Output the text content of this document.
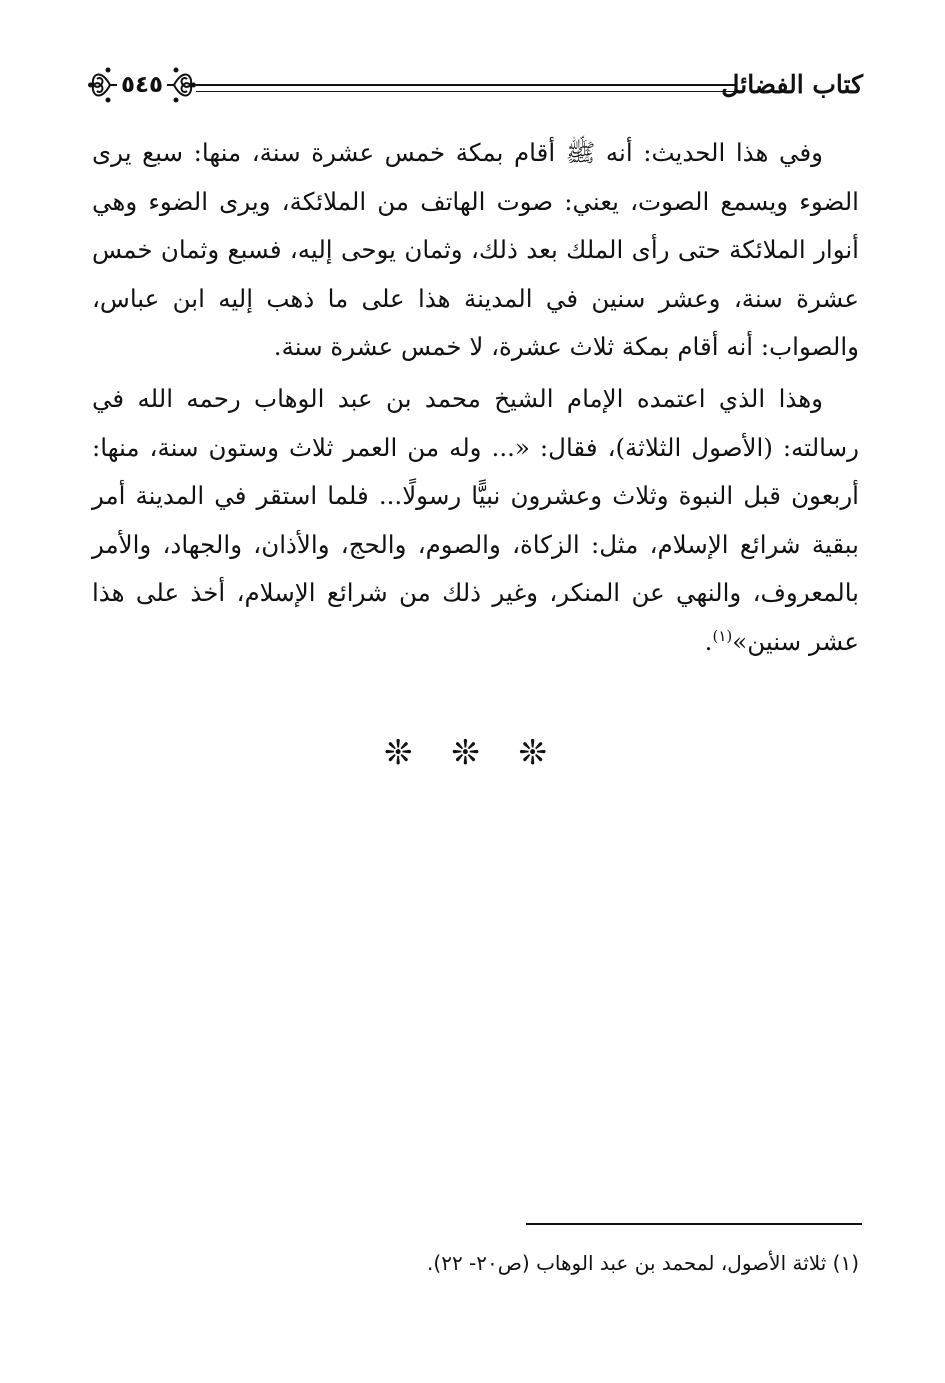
كتاب الفضائل
٥٤٥

وفي هذا الحديث: أنه ﷺ أقام بمكة خمس عشرة سنة، منها: سبع يرى الضوء ويسمع الصوت، يعني: صوت الهاتف من الملائكة، ويرى الضوء وهي أنوار الملائكة حتى رأى الملك بعد ذلك، وثمان يوحى إليه، فسبع وثمان خمس عشرة سنة، وعشر سنين في المدينة هذا على ما ذهب إليه ابن عباس، والصواب: أنه أقام بمكة ثلاث عشرة، لا خمس عشرة سنة.

وهذا الذي اعتمده الإمام الشيخ محمد بن عبد الوهاب رحمه الله في رسالته: (الأصول الثلاثة)، فقال: «... وله من العمر ثلاث وستون سنة، منها: أربعون قبل النبوة وثلاث وعشرون نبيًّا رسولًا... فلما استقر في المدينة أمر ببقية شرائع الإسلام، مثل: الزكاة، والصوم، والحج، والأذان، والجهاد، والأمر بالمعروف، والنهي عن المنكر، وغير ذلك من شرائع الإسلام، أخذ على هذا عشر سنين»$^{(١)}$.

❊ ❊ ❊
(١) ثلاثة الأصول، لمحمد بن عبد الوهاب (ص٢٠- ٢٢).
